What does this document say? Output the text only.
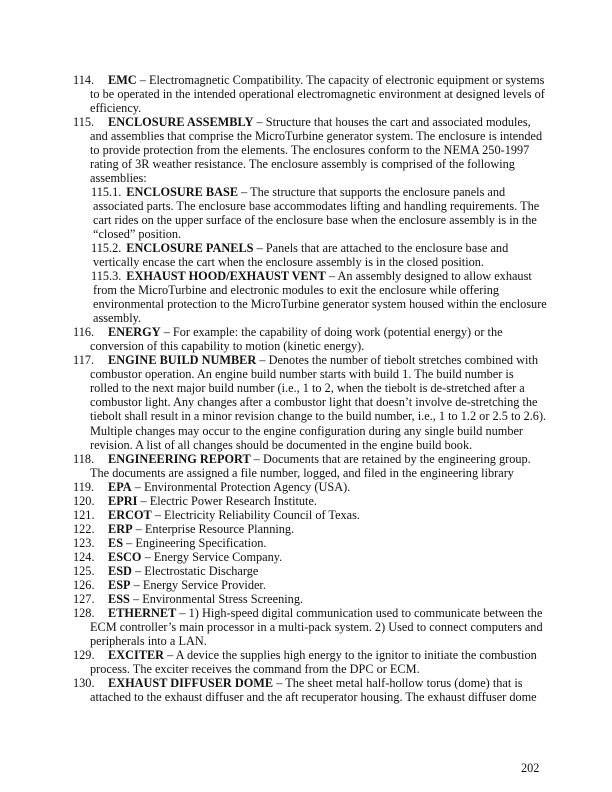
114. EMC – Electromagnetic Compatibility. The capacity of electronic equipment or systems
to be operated in the intended operational electromagnetic environment at designed levels of
efficiency.
115. ENCLOSURE ASSEMBLY – Structure that houses the cart and associated modules,
and assemblies that comprise the MicroTurbine generator system. The enclosure is intended
to provide protection from the elements. The enclosures conform to the NEMA 250-1997
rating of 3R weather resistance. The enclosure assembly is comprised of the following
assemblies:
115.1. ENCLOSURE BASE – The structure that supports the enclosure panels and
associated parts. The enclosure base accommodates lifting and handling requirements. The
cart rides on the upper surface of the enclosure base when the enclosure assembly is in the
“closed” position.
115.2. ENCLOSURE PANELS – Panels that are attached to the enclosure base and
vertically encase the cart when the enclosure assembly is in the closed position.
115.3. EXHAUST HOOD/EXHAUST VENT – An assembly designed to allow exhaust
from the MicroTurbine and electronic modules to exit the enclosure while offering
environmental protection to the MicroTurbine generator system housed within the enclosure
assembly.
116. ENERGY – For example: the capability of doing work (potential energy) or the
conversion of this capability to motion (kinetic energy).
117. ENGINE BUILD NUMBER – Denotes the number of tiebolt stretches combined with
combustor operation. An engine build number starts with build 1. The build number is
rolled to the next major build number (i.e., 1 to 2, when the tiebolt is de-stretched after a
combustor light. Any changes after a combustor light that doesn’t involve de-stretching the
tiebolt shall result in a minor revision change to the build number, i.e., 1 to 1.2 or 2.5 to 2.6).
Multiple changes may occur to the engine configuration during any single build number
revision. A list of all changes should be documented in the engine build book.
118. ENGINEERING REPORT – Documents that are retained by the engineering group.
The documents are assigned a file number, logged, and filed in the engineering library
119. EPA – Environmental Protection Agency (USA).
120. EPRI – Electric Power Research Institute.
121. ERCOT – Electricity Reliability Council of Texas.
122. ERP – Enterprise Resource Planning.
123. ES – Engineering Specification.
124. ESCO – Energy Service Company.
125. ESD – Electrostatic Discharge
126. ESP – Energy Service Provider.
127. ESS – Environmental Stress Screening.
128. ETHERNET – 1) High-speed digital communication used to communicate between the
ECM controller’s main processor in a multi-pack system. 2) Used to connect computers and
peripherals into a LAN.
129. EXCITER – A device the supplies high energy to the ignitor to initiate the combustion
process. The exciter receives the command from the DPC or ECM.
130. EXHAUST DIFFUSER DOME – The sheet metal half-hollow torus (dome) that is
attached to the exhaust diffuser and the aft recuperator housing. The exhaust diffuser dome
202
